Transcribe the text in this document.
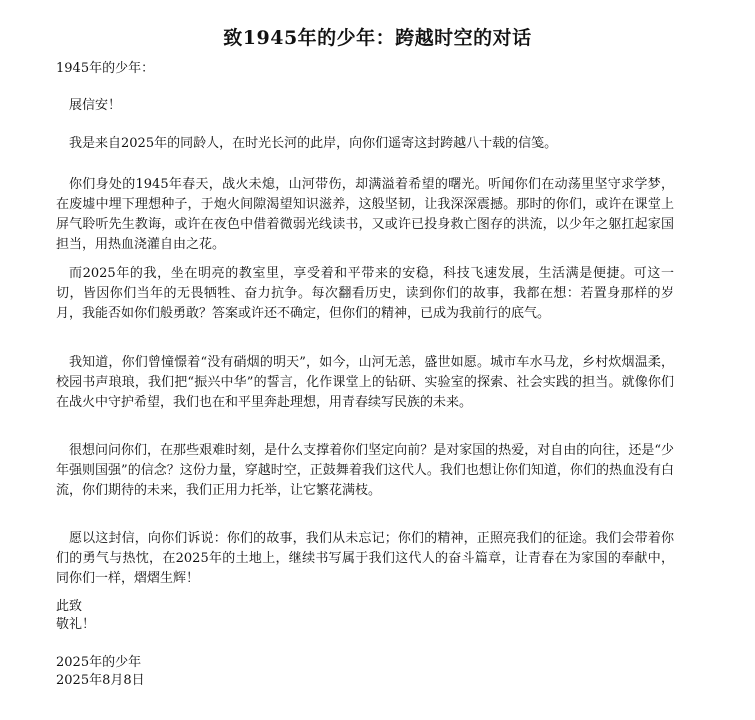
致1945年的少年：跨越时空的对话

1945年的少年：

展信安！

我是来自2025年的同龄人，在时光长河的此岸，向你们遥寄这封跨越八十载的信笺。

你们身处的1945年春天，战火未熄，山河带伤，却满溢着希望的曙光。听闻你们在动荡里坚守求学梦，在废墟中埋下理想种子，于炮火间隙渴望知识滋养，这般坚韧，让我深深震撼。那时的你们，或许在课堂上屏气聆听先生教诲，或许在夜色中借着微弱光线读书，又或许已投身救亡图存的洪流，以少年之躯扛起家国担当，用热血浇灌自由之花。

而2025年的我，坐在明亮的教室里，享受着和平带来的安稳，科技飞速发展，生活满是便捷。可这一切，皆因你们当年的无畏牺牲、奋力抗争。每次翻看历史，读到你们的故事，我都在想：若置身那样的岁月，我能否如你们般勇敢？答案或许还不确定，但你们的精神，已成为我前行的底气。

我知道，你们曾憧憬着“没有硝烟的明天”，如今，山河无恙，盛世如愿。城市车水马龙，乡村炊烟温柔，校园书声琅琅，我们把“振兴中华”的誓言，化作课堂上的钻研、实验室的探索、社会实践的担当。就像你们在战火中守护希望，我们也在和平里奔赴理想，用青春续写民族的未来。

很想问问你们，在那些艰难时刻，是什么支撑着你们坚定向前？是对家国的热爱，对自由的向往，还是“少年强则国强”的信念？这份力量，穿越时空，正鼓舞着我们这代人。我们也想让你们知道，你们的热血没有白流，你们期待的未来，我们正用力托举，让它繁花满枝。

愿以这封信，向你们诉说：你们的故事，我们从未忘记；你们的精神，正照亮我们的征途。我们会带着你们的勇气与热忱，在2025年的土地上，继续书写属于我们这代人的奋斗篇章，让青春在为家国的奉献中，同你们一样，熠熠生辉！

此致

敬礼！

2025年的少年

2025年8月8日
